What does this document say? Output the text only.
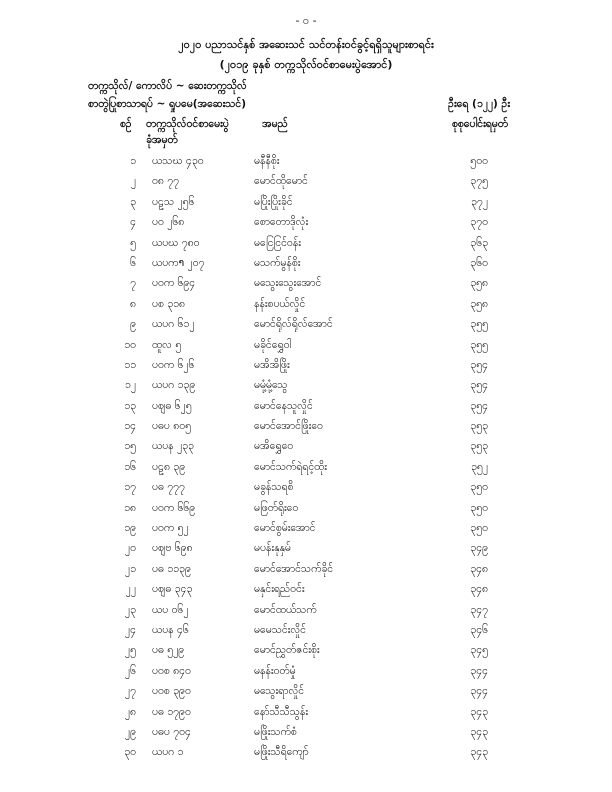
- ၀ -
၂၀၂၀ ပညာသင်နှစ် အဆေးသင် သင်တန်းဝင်ခွင့်ရရှိသူများစာရင်း
(၂၀၁၉ ခုနှစ် တက္ကသိုလ်ဝင်စာမေးပွဲအောင်)
တက္ကသိုလ်/ ကောလိပ် ~ ဆေးတက္ကသိုလ်
စာတွဲပြုစာသာရပ် ~ ရှုပမေ(အဆေးသင်)	ဦးရေ (၁၂၂) ဦး
စဉ် တက္ကသိုလ်ဝင်စာမေးပွဲ
ခုံအမှတ်
အမည်	စုစုပေါင်းရမှတ်
၁ ယသဃ ၄၃၀	မနီနီစိုး	၅၀၀
၂ ၀၈ ၇၇	မောင်ထိုမောင်	၃၇၅
၃ ပဠသ ၂၅၆	မပြိုးပြိုးခိုင်	၃၇၂
၄ ပဝ ၂၆၈	စောတောဒိုလုံး	၃၇၀
၅ ယပဃ ၇၈၀	မငြေငြင်ဝန်း	၃၆၃
၆ ယပကາ ၂၀၇	မသက်မွန်စိုး	၃၆၀
၇ ပဝက ၆၉၄	မသွေးသွေးအောင်	၃၅၈
၈ ပစ ၃၁၈	နန်းစပယ်လှိုင်	၃၅၈
၉ ယပဂ ၆၁၂	မောင်ရိုလ်ရိုလ်အောင်	၃၅၅
၁၀ ထူလ ၅	မခိုင်ရွှေဝါ	၃၅၅
၁၁ ပဝက ၆၂၆	မအိအိဖြိုး	၃၅၄
၁၂ ယပဂ ၁၃၉	မမုံ့မုံ့သွေ	၃၅၄
၁၃ ပဈဓ ၆၂၅	မောင်နေသူလှိုင်	၃၅၄
၁၄ ပဓပ ၈၀၅	မောင်အောင်ဖြိုးဝေ	၃၅၃
၁၅ ယပန ၂၃၃	မအိရွှေဝေ	၃၅၃
၁၆ ပဠ၈ ၃၉	မောင်သက်ရဲရင့်ထိုး	၃၅၂
၁၇ ပဓ ၇၇၇	မခွန်သရစိ	၃၅၀
၁၈ ပဝက ၆၆၉	မဖြတ်ရိုးဝေ	၃၅၀
၁၉ ပဝက ၅၂	မောင်စွမ်းအောင်	၃၅၀
၂၀ ပဈဗ ၆၉၈	မပန်းနုနှမ်	၃၄၉
၂၁ ပဓ ၁၁၃၉	မောင်အောင်သက်ခိုင်	၃၄၈
၂၂ ပဈဓ ၃၄၃	မနှင်းရည်ဝင်း	၃၄၈
၂၃ ယပ ၀၆၂	မောင်ထယ်သက်	၃၄၇
၂၄ ယပန ၄၆	မမေသင်းလှိုင်	၃၄၆
၂၅ ပဓ ၅၂၉	မောင်ညွှတ်ဇင်းစိုး	၃၄၅
၂၆ ပဝစ ၈၄၀	မနန်းဝတ်မှုံ	၃၄၄
၂၇ ပဝစ ၃၉၀	မသွေးရာလှိုင်	၃၄၄
၂၈ ပဓ ၁၇၉၀	နော်သီသီသွန်း	၃၄၃
၂၉ ပဓပ ၇၀၄	မဖြိုးသက်စံ	၃၄၃
၃၀ ယပဂ ၁	မဖြိုးသီရိကျော်	၃၄၃
